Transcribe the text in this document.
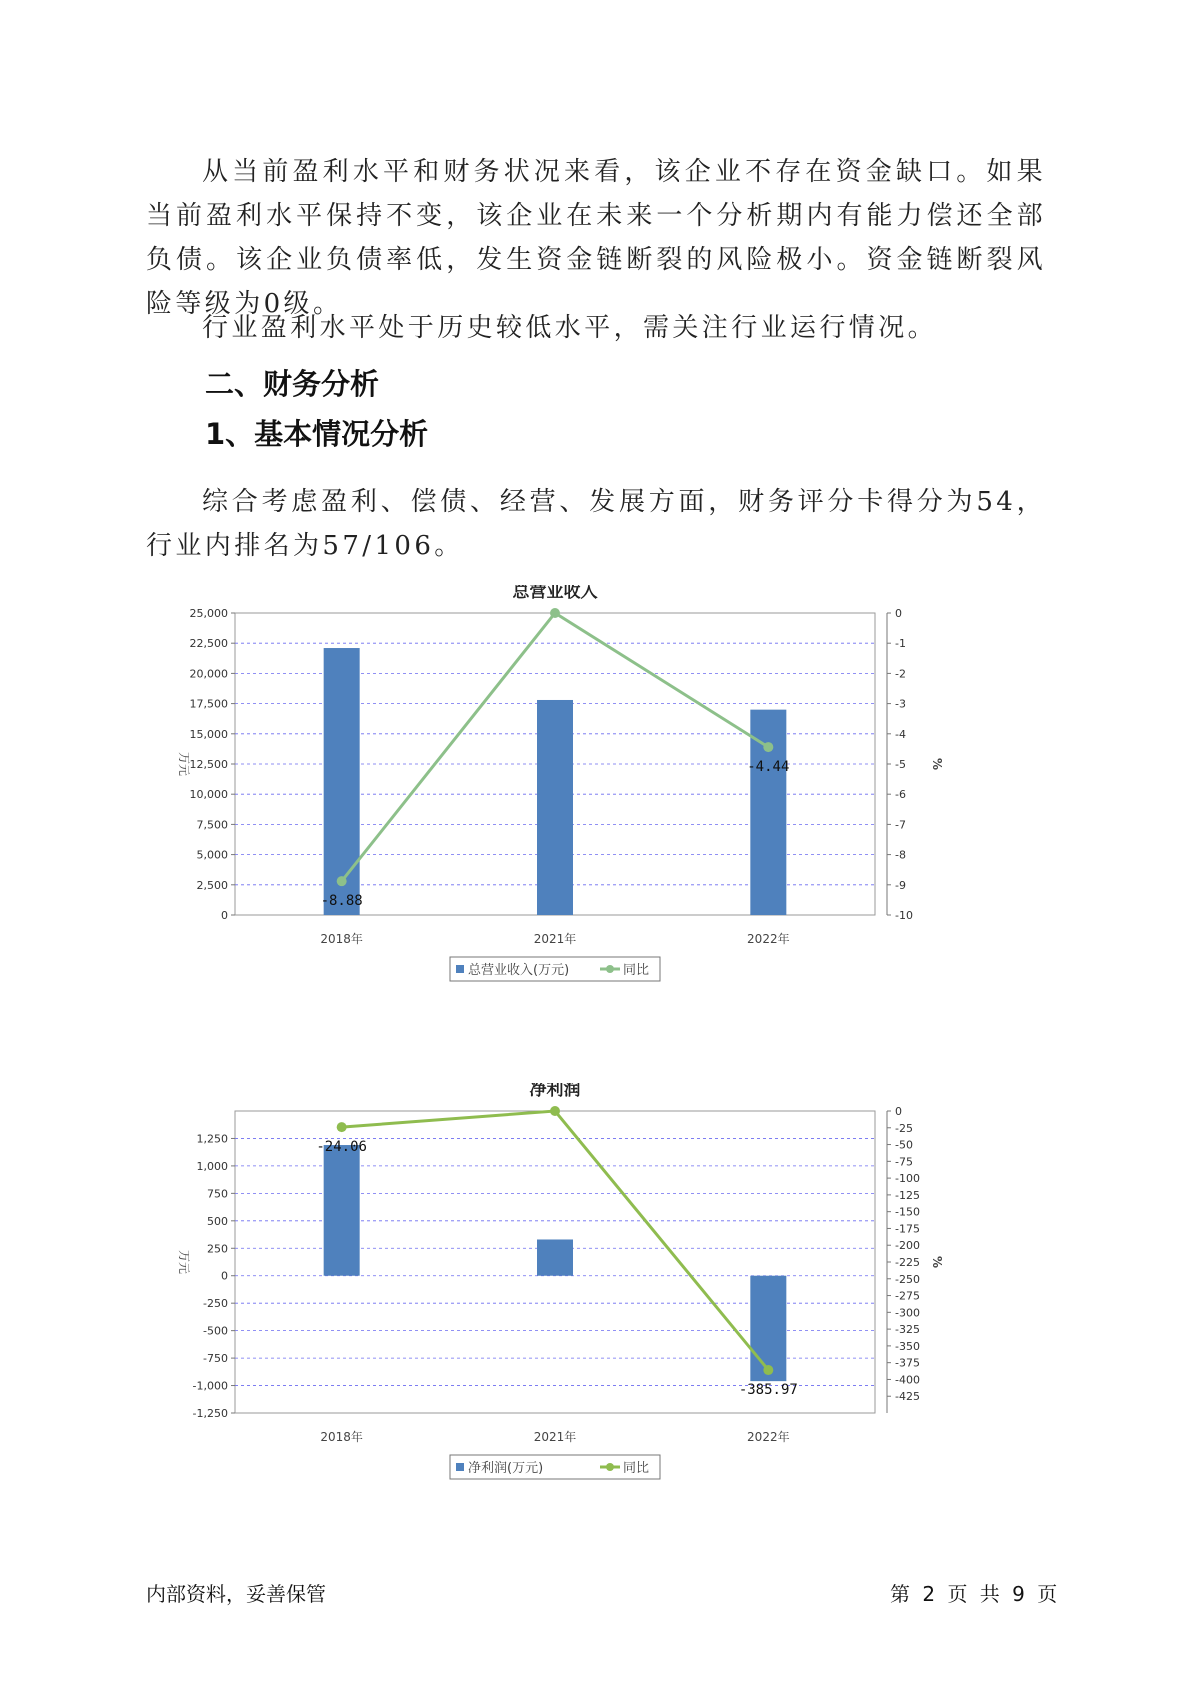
从当前盈利水平和财务状况来看，该企业不存在资金缺口。如果当前盈利水平保持不变，该企业在未来一个分析期内有能力偿还全部负债。该企业负债率低，发生资金链断裂的风险极小。资金链断裂风险等级为0级。

行业盈利水平处于历史较低水平，需关注行业运行情况。

二、财务分析
1、基本情况分析

综合考虑盈利、偿债、经营、发展方面，财务评分卡得分为54，行业内排名为57/106。

总营业收入
0
2,500
5,000
7,500
10,000
12,500
15,000
17,500
20,000
22,500
25,000	0
-1
-2
-3
-4
-5
-6
-7
-8
-9
-10
万元	%
2018年	2021年	2022年
-8.88
-4.44
总营业收入(万元)	同比
净利润
1,250
1,000
750
500
250
0
-250
-500
-750
-1,000
-1,250
0
-25
-50
-75
-100
-125
-150
-175
-200
-225
-250
-275
-300
-325
-350
-375
-400
-425
万元	%
2018年	2021年	2022年
-24.06
-385.97
净利润(万元)	同比
内部资料，妥善保管	第 2 页 共 9 页
